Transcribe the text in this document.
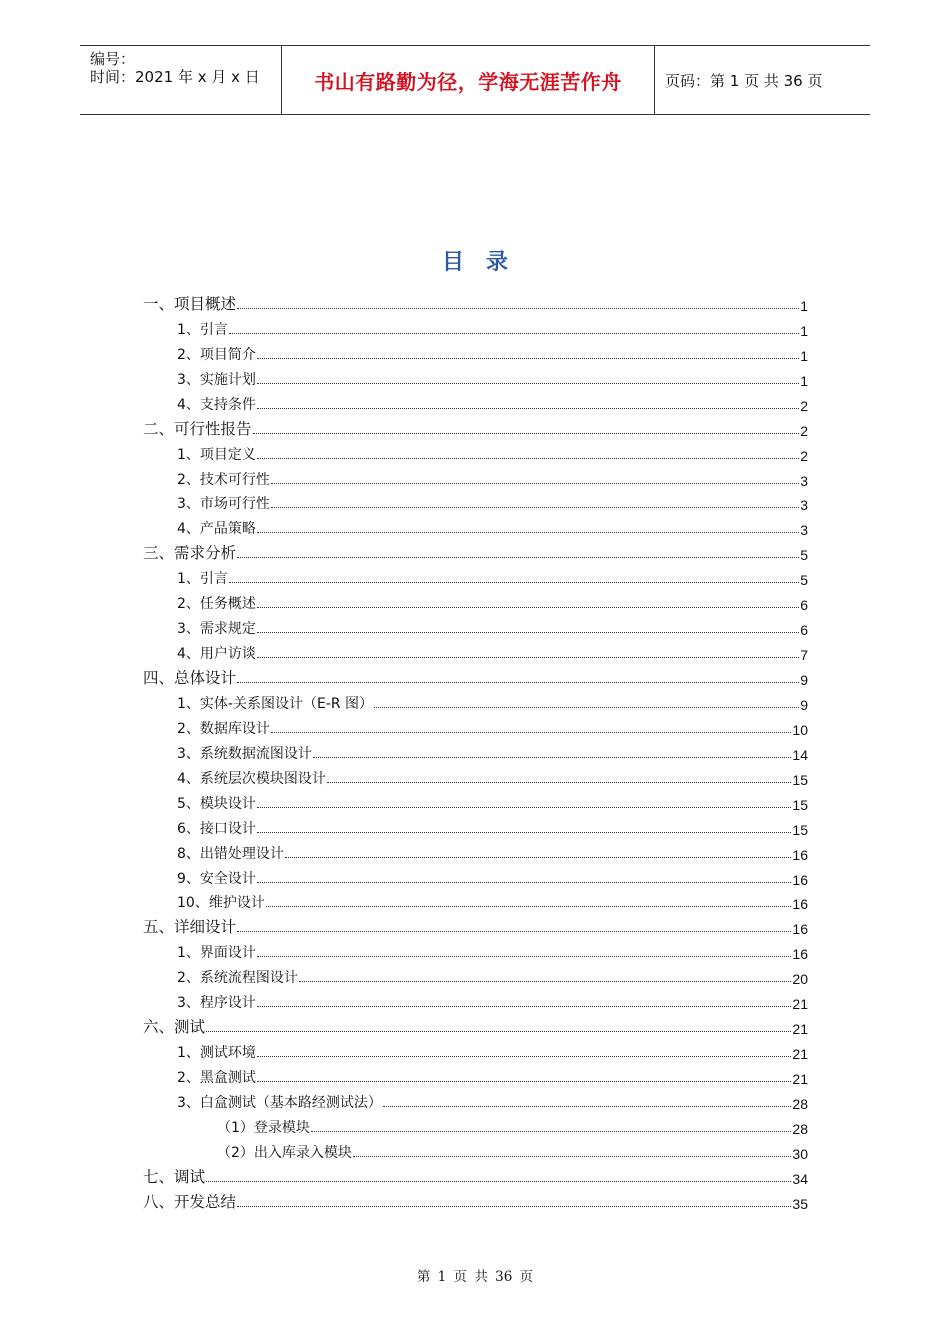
编号：
时间：2021 年 x 月 x 日	书山有路勤为径，学海无涯苦作舟	页码：第 1 页 共 36 页
目录
一、项目概述	1
1、引言	1
2、项目简介	1
3、实施计划	1
4、支持条件	2
二、可行性报告	2
1、项目定义	2
2、技术可行性	3
3、市场可行性	3
4、产品策略	3
三、需求分析	5
1、引言	5
2、任务概述	6
3、需求规定	6
4、用户访谈	7
四、总体设计	9
1、实体-关系图设计（E-R 图）	9
2、数据库设计	10
3、系统数据流图设计	14
4、系统层次模块图设计	15
5、模块设计	15
6、接口设计	15
8、出错处理设计	16
9、安全设计	16
10、维护设计	16
五、详细设计	16
1、界面设计	16
2、系统流程图设计	20
3、程序设计	21
六、测试	21
1、测试环境	21
2、黑盒测试	21
3、白盒测试（基本路经测试法）	28
（1）登录模块	28
（2）出入库录入模块	30
七、调试	34
八、开发总结	35
第 1 页 共 36 页
